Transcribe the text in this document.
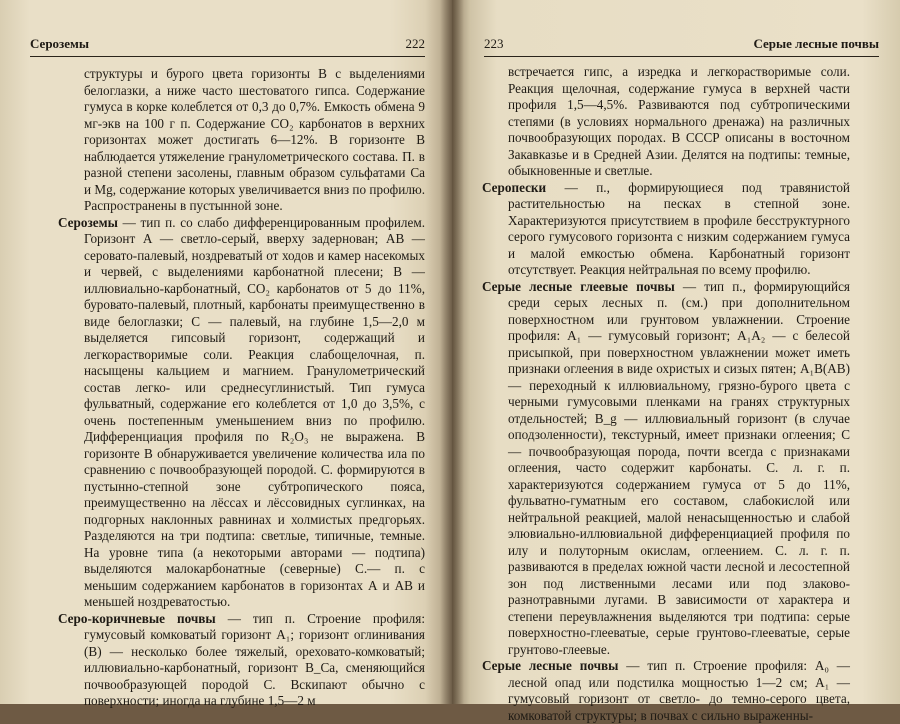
Сероземы	222

структуры и бурого цвета горизонты В с выделениями белоглазки, а ниже часто шестоватого гипса. Содержание гумуса в корке колеблется от 0,3 до 0,7%. Емкость обмена 9 мг-экв на 100 г п. Содержание CO₂ карбонатов в верхних горизонтах может достигать 6—12%. В горизонте В наблюдается утяжеление гранулометрического состава. П. в разной степени засолены, главным образом сульфатами Са и Mg, содержание которых увеличивается вниз по профилю. Распространены в пустынной зоне.

Сероземы — тип п. со слабо дифференцированным профилем. Горизонт А — светло-серый, вверху задернован; АВ — серовато-палевый, ноздреватый от ходов и камер насекомых и червей, с выделениями карбонатной плесени; В — иллювиально-карбонатный, CO₂ карбонатов от 5 до 11%, буровато-палевый, плотный, карбонаты преимущественно в виде белоглазки; С — палевый, на глубине 1,5—2,0 м выделяется гипсовый горизонт, содержащий и легкорастворимые соли. Реакция слабощелочная, п. насыщены кальцием и магнием. Гранулометрический состав легко- или среднесуглинистый. Тип гумуса фульватный, содержание его колеблется от 1,0 до 3,5%, с очень постепенным уменьшением вниз по профилю. Дифференциация профиля по R₂O₃ не выражена. В горизонте В обнаруживается увеличение количества ила по сравнению с почвообразующей породой. С. формируются в пустынно-степной зоне субтропического пояса, преимущественно на лёссах и лёссовидных суглинках, на подгорных наклонных равнинах и холмистых предгорьях. Разделяются на три подтипа: светлые, типичные, темные. На уровне типа (а некоторыми авторами — подтипа) выделяются малокарбонатные (северные) С.— п. с меньшим содержанием карбонатов в горизонтах А и АВ и меньшей ноздреватостью.

Серо-коричневые почвы — тип п. Строение профиля: гумусовый комковатый горизонт A₁; горизонт оглинивания (В) — несколько более тяжелый, ореховато-комковатый; иллювиально-карбонатный, горизонт B_Ca, сменяющийся почвообразующей породой С. Вскипают обычно с поверхности; иногда на глубине 1,5—2 м

223	Серые лесные почвы

встречается гипс, а изредка и легкорастворимые соли. Реакция щелочная, содержание гумуса в верхней части профиля 1,5—4,5%. Развиваются под субтропическими степями (в условиях нормального дренажа) на различных почвообразующих породах. В СССР описаны в восточном Закавказье и в Средней Азии. Делятся на подтипы: темные, обыкновенные и светлые.

Серопески — п., формирующиеся под травянистой растительностью на песках в степной зоне. Характеризуются присутствием в профиле бесструктурного серого гумусового горизонта с низким содержанием гумуса и малой емкостью обмена. Карбонатный горизонт отсутствует. Реакция нейтральная по всему профилю.

Серые лесные глеевые почвы — тип п., формирующийся среди серых лесных п. (см.) при дополнительном поверхностном или грунтовом увлажнении. Строение профиля: A₁ — гумусовый горизонт; A₁A₂ — с белесой присыпкой, при поверхностном увлажнении может иметь признаки оглеения в виде охристых и сизых пятен; A₁B(AB) — переходный к иллювиальному, грязно-бурого цвета с черными гумусовыми пленками на гранях структурных отдельностей; B_g — иллювиальный горизонт (в случае оподзоленности), текстурный, имеет признаки оглеения; С — почвообразующая порода, почти всегда с признаками оглеения, часто содержит карбонаты. С. л. г. п. характеризуются содержанием гумуса от 5 до 11%, фульватно-гуматным его составом, слабокислой или нейтральной реакцией, малой ненасыщенностью и слабой элювиально-иллювиальной дифференциацией профиля по илу и полуторным окислам, оглеением. С. л. г. п. развиваются в пределах южной части лесной и лесостепной зон под лиственными лесами или под злаково-разнотравными лугами. В зависимости от характера и степени переувлажнения выделяются три подтипа: серые поверхностно-глееватые, серые грунтово-глееватые, серые грунтово-глеевые.

Серые лесные почвы — тип п. Строение профиля: A₀ — лесной опад или подстилка мощностью 1—2 см; A₁ — гумусовый горизонт от светло- до темно-серого цвета, комковатой структуры; в почвах с сильно выраженны-
